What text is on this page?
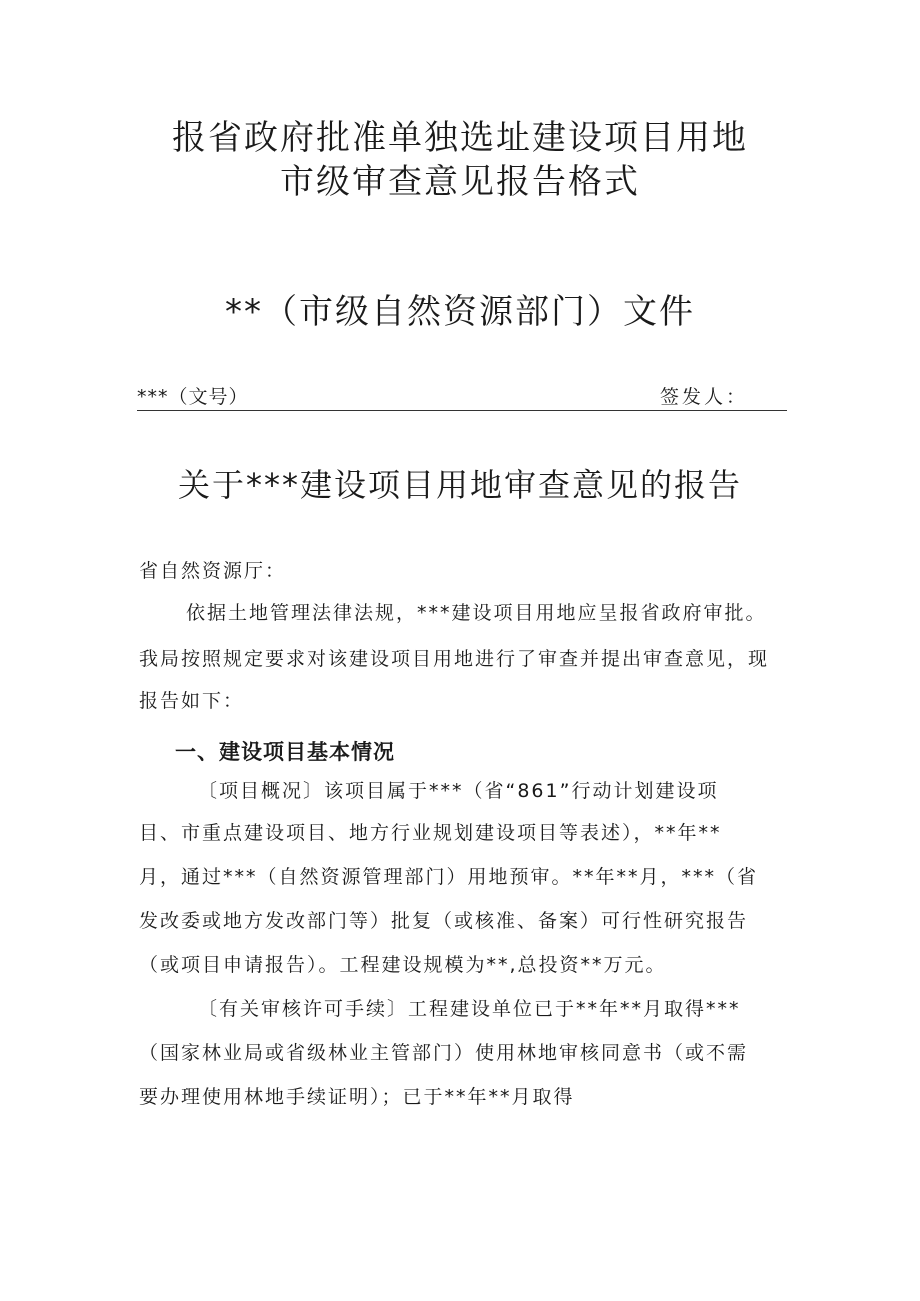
报省政府批准单独选址建设项目用地
市级审查意见报告格式
**（市级自然资源部门）文件
***（文号）	签发人：
关于***建设项目用地审查意见的报告
省自然资源厅：
依据土地管理法律法规，***建设项目用地应呈报省政府审批。
我局按照规定要求对该建设项目用地进行了审查并提出审查意见，现
报告如下：
一、建设项目基本情况
〔项目概况〕该项目属于***（省“861”行动计划建设项
目、市重点建设项目、地方行业规划建设项目等表述），**年**
月，通过***（自然资源管理部门）用地预审。**年**月，***（省
发改委或地方发改部门等）批复（或核准、备案）可行性研究报告
（或项目申请报告）。工程建设规模为**,总投资**万元。
〔有关审核许可手续〕工程建设单位已于**年**月取得***
（国家林业局或省级林业主管部门）使用林地审核同意书（或不需
要办理使用林地手续证明）；已于**年**月取得
